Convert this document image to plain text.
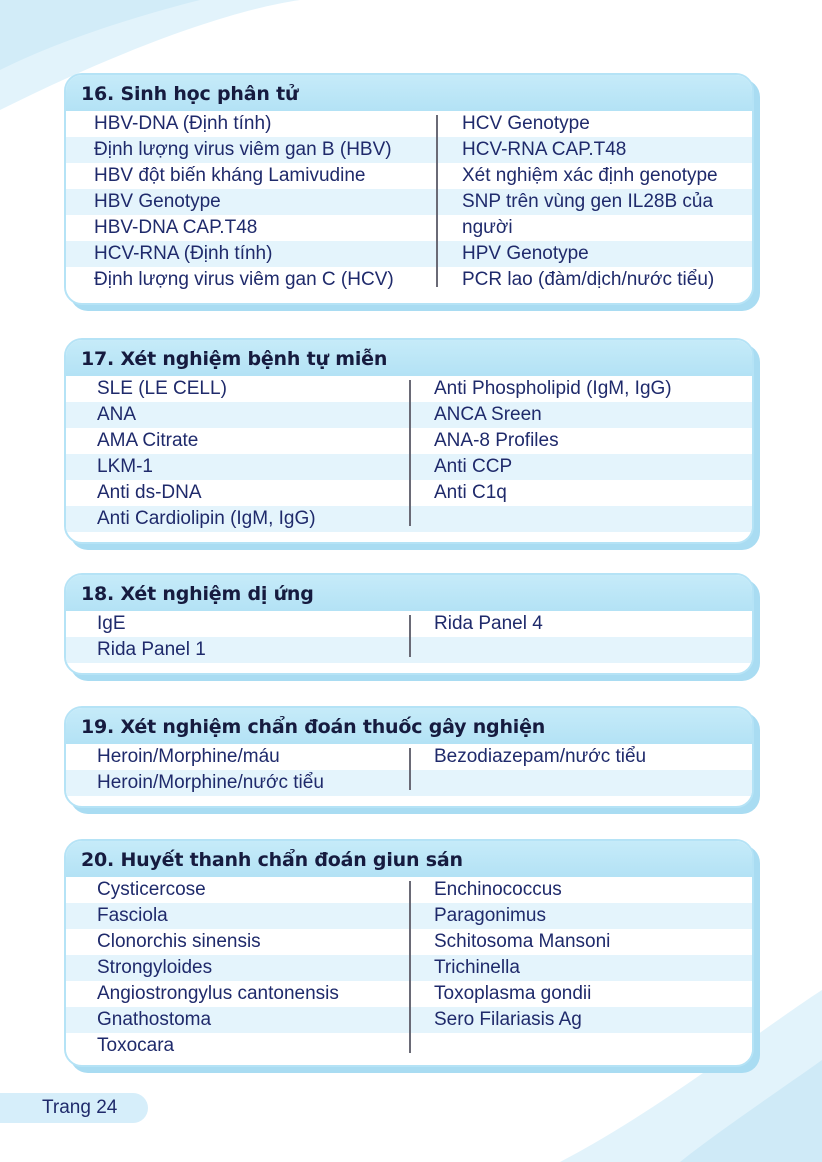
16. Sinh học phân tử
HBV-DNA (Định tính)
Định lượng virus viêm gan B (HBV)
HBV đột biến kháng Lamivudine
HBV Genotype
HBV-DNA CAP.T48
HCV-RNA (Định tính)
Định lượng virus viêm gan C (HCV)
HCV Genotype
HCV-RNA CAP.T48
Xét nghiệm xác định genotype
SNP trên vùng gen IL28B của
người
HPV Genotype
PCR lao (đàm/dịch/nước tiểu)
17. Xét nghiệm bệnh tự miễn
SLE (LE CELL)
ANA
AMA Citrate
LKM-1
Anti ds-DNA
Anti Cardiolipin (IgM, IgG)
Anti Phospholipid (IgM, IgG)
ANCA Sreen
ANA-8 Profiles
Anti CCP
Anti C1q
18. Xét nghiệm dị ứng
IgE
Rida Panel 1
Rida Panel 4
19. Xét nghiệm chẩn đoán thuốc gây nghiện
Heroin/Morphine/máu
Heroin/Morphine/nước tiểu
Bezodiazepam/nước tiểu
20. Huyết thanh chẩn đoán giun sán
Cysticercose
Fasciola
Clonorchis sinensis
Strongyloides
Angiostrongylus cantonensis
Gnathostoma
Toxocara
Enchinococcus
Paragonimus
Schitosoma Mansoni
Trichinella
Toxoplasma gondii
Sero Filariasis Ag
Trang 24
